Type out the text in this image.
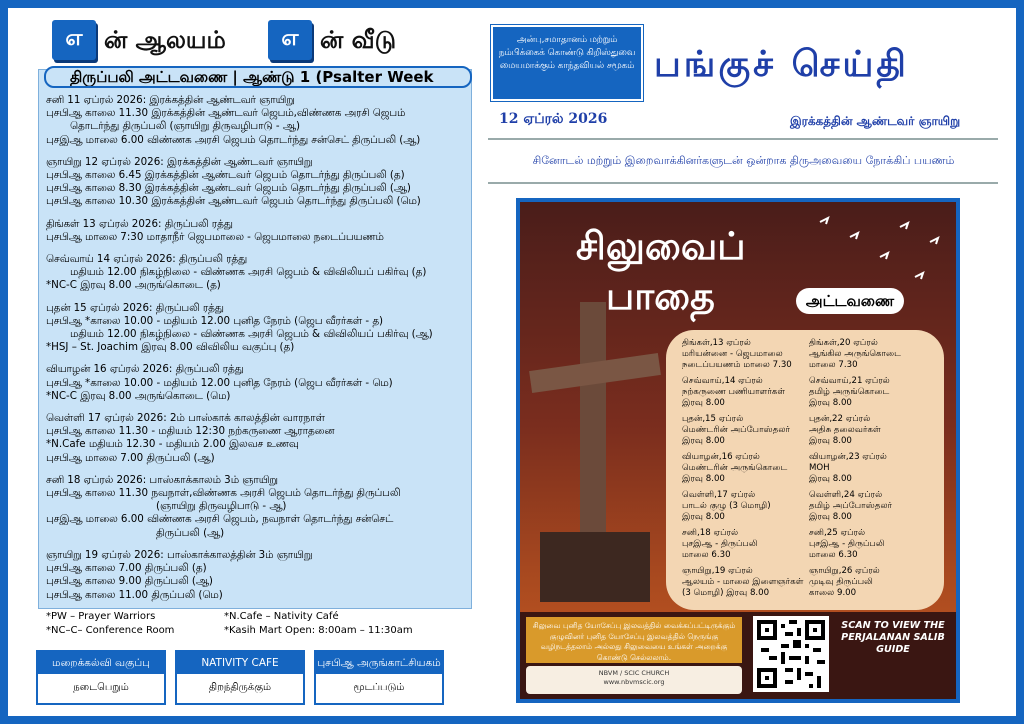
எ ன் ஆலயம்	எ ன் வீடு
திருப்பலி அட்டவணை | ஆண்டு 1 (Psalter Week
சனி 11 ஏப்ரல் 2026: இரக்கத்தின் ஆண்டவர் ஞாயிறு
புசபிஆ காலை 11.30 இரக்கத்தின் ஆண்டவர் ஜெபம்,விண்ணக அரசி ஜெபம்
தொடர்ந்து திருப்பலி (ஞாயிறு திருவழிபாடு - ஆ)
புசஇஆ மாலை 6.00 விண்ணக அரசி ஜெபம் தொடர்ந்து சன்செட் திருப்பலி (ஆ)
ஞாயிறு 12 ஏப்ரல் 2026: இரக்கத்தின் ஆண்டவர் ஞாயிறு
புசபிஆ காலை 6.45 இரக்கத்தின் ஆண்டவர் ஜெபம் தொடர்ந்து திருப்பலி (த)
புசபிஆ காலை 8.30 இரக்கத்தின் ஆண்டவர் ஜெபம் தொடர்ந்து திருப்பலி (ஆ)
புசபிஆ காலை 10.30 இரக்கத்தின் ஆண்டவர் ஜெபம் தொடர்ந்து திருப்பலி (மெ)
திங்கள் 13 ஏப்ரல் 2026: திருப்பலி ரத்து
புசபிஆ மாலை 7:30 மாதாநீர் ஜெபமாலை - ஜெபமாலை நடைப்பயணம்
செவ்வாய் 14 ஏப்ரல் 2026: திருப்பலி ரத்து
மதியம் 12.00 நிகழ்நிலை - விண்ணக அரசி ஜெபம் & விவிலியப் பகிர்வு (த)
*NC-C இரவு 8.00 அருங்கொடை (த)
புதன் 15 ஏப்ரல் 2026: திருப்பலி ரத்து
புசபிஆ *காலை 10.00 - மதியம் 12.00 புனித நேரம் (ஜெப வீரர்கள் - த)
மதியம் 12.00 நிகழ்நிலை - விண்ணக அரசி ஜெபம் & விவிலியப் பகிர்வு (ஆ)
*HSJ – St. Joachim இரவு 8.00 விவிலிய வகுப்பு (த)
வியாழன் 16 ஏப்ரல் 2026: திருப்பலி ரத்து
புசபிஆ *காலை 10.00 - மதியம் 12.00 புனித நேரம் (ஜெப வீரர்கள் - மெ)
*NC-C இரவு 8.00 அருங்கொடை (மெ)
வெள்ளி 17 ஏப்ரல் 2026: 2ம் பாஸ்காக் காலத்தின் வாரநாள்
புசபிஆ காலை 11.30 - மதியம் 12:30 நற்கருணை ஆராதனை
*N.Cafe மதியம் 12.30 - மதியம் 2.00 இலவச உணவு
புசபிஆ மாலை 7.00 திருப்பலி (ஆ)
சனி 18 ஏப்ரல் 2026: பாஸ்காக்காலம் 3ம் ஞாயிறு
புசபிஆ காலை 11.30 நவநாள்,விண்ணக அரசி ஜெபம் தொடர்ந்து திருப்பலி
(ஞாயிறு திருவழிபாடு - ஆ)
புசஇஆ மாலை 6.00 விண்ணக அரசி ஜெபம், நவநாள் தொடர்ந்து சன்செட்
திருப்பலி (ஆ)
ஞாயிறு 19 ஏப்ரல் 2026: பாஸ்காக்காலத்தின் 3ம் ஞாயிறு
புசபிஆ காலை 7.00 திருப்பலி (த)
புசபிஆ காலை 9.00 திருப்பலி (ஆ)
புசபிஆ காலை 11.00 திருப்பலி (மெ)
*PW – Prayer Warriors	*N.Cafe – Nativity Café
*NC–C– Conference Room	*Kasih Mart Open: 8:00am – 11:30am
மறைக்கல்வி வகுப்பு
நடைபெறும்
NATIVITY CAFE
திறந்திருக்கும்
புசபிஆ அருங்காட்சியகம்
மூடப்படும்
அன்பு,சமாதானம் மற்றும் நம்பிக்கைக் கொண்டு கிறிஸ்துவை மையமாக்கும் காந்தவியல் சமூகம் பங்குச் செய்தி
12 ஏப்ரல் 2026	இரக்கத்தின் ஆண்டவர் ஞாயிறு
சினோடல் மற்றும் இறைவாக்கினர்களுடன் ஒன்றாக திருஅவையை நோக்கிப் பயணம்
சிலுவைப்
பாதை	அட்டவணை
திங்கள்,13 ஏப்ரல்
மரியன்னை - ஜெபமாலை
நடைப்பயணம் மாலை 7.30
செவ்வாய்,14 ஏப்ரல்
நற்கருணை பணியாளர்கள்
இரவு 8.00
புதன்,15 ஏப்ரல்
மெண்டரின் அப்போஸ்தலர்
இரவு 8.00
வியாழன்,16 ஏப்ரல்
மெண்டரின் அருங்கொடை
இரவு 8.00
வெள்ளி,17 ஏப்ரல்
பாடல் குழு (3 மொழி)
இரவு 8.00
சனி,18 ஏப்ரல்
புசஇஆ - திருப்பலி
மாலை 6.30
ஞாயிறு,19 ஏப்ரல்
ஆலயம் - மாலை இளைஞர்கள்
(3 மொழி) இரவு 8.00
திங்கள்,20 ஏப்ரல்
ஆங்கில அருங்கொடை
மாலை 7.30
செவ்வாய்,21 ஏப்ரல்
தமிழ் அருங்கொடை
இரவு 8.00
புதன்,22 ஏப்ரல்
அதிசு தலைவர்கள்
இரவு 8.00
வியாழன்,23 ஏப்ரல்
MOH
இரவு 8.00
வெள்ளி,24 ஏப்ரல்
தமிழ் அப்போஸ்தலர்
இரவு 8.00
சனி,25 ஏப்ரல்
புசஇஆ - திருப்பலி
மாலை 6.30
ஞாயிறு,26 ஏப்ரல்
முடிவு திருப்பலி
காலை 9.00
சிலுவை புனித யோசேப்பு இலவத்தில் வைக்கப்பட்டிருக்கும் குழுவினர் புனித யோசேப்பு இலவத்தில் நெருங்கு வழிநடத்தலாம் அல்லது சிலுவையை உங்கள் அறைக்கு கொண்டு செல்லலாம்.
NBVM / SCIC CHURCH
www.nbvmscic.org
SCAN TO VIEW THE PERJALANAN SALIB GUIDE
